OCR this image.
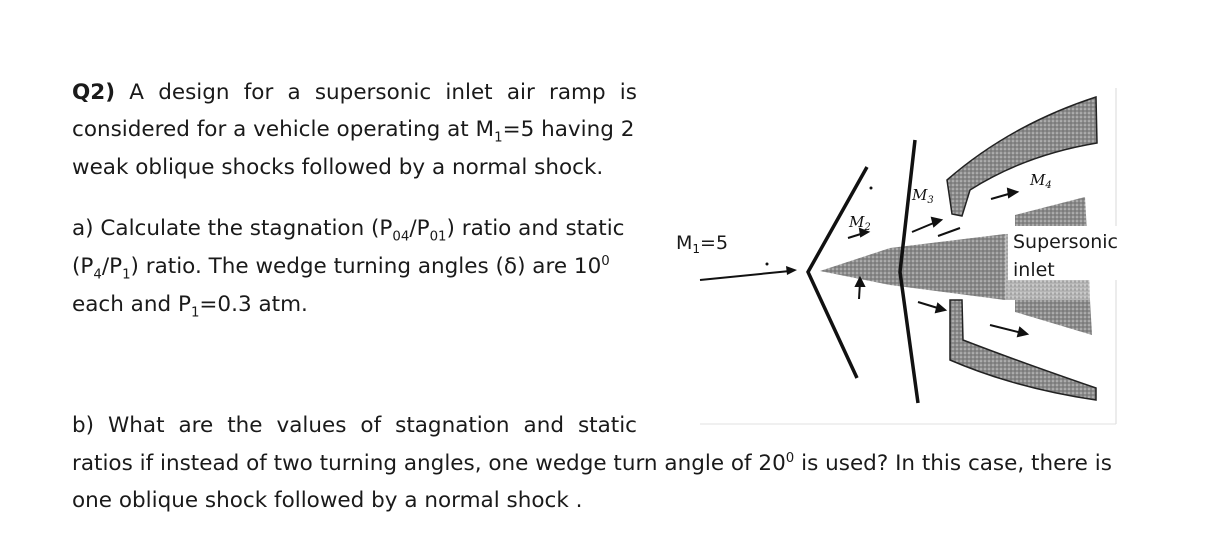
Q2) A design for a supersonic inlet air ramp is
considered for a vehicle operating at $M_1=5$ having 2
weak oblique shocks followed by a normal shock.
a) Calculate the stagnation $(P_{04}/P_{01})$ ratio and static
$(P_4/P_1)$ ratio. The wedge turning angles (δ) are $10^0$
each and $P_1=0.3$ atm.
b) What are the values of stagnation and static
ratios if instead of two turning angles, one wedge turn angle of $20^0$ is used? In this case, there is
one oblique shock followed by a normal shock .
$M_1=5$
$M_2$
$M_3$
$M_4$
Supersonic
inlet
